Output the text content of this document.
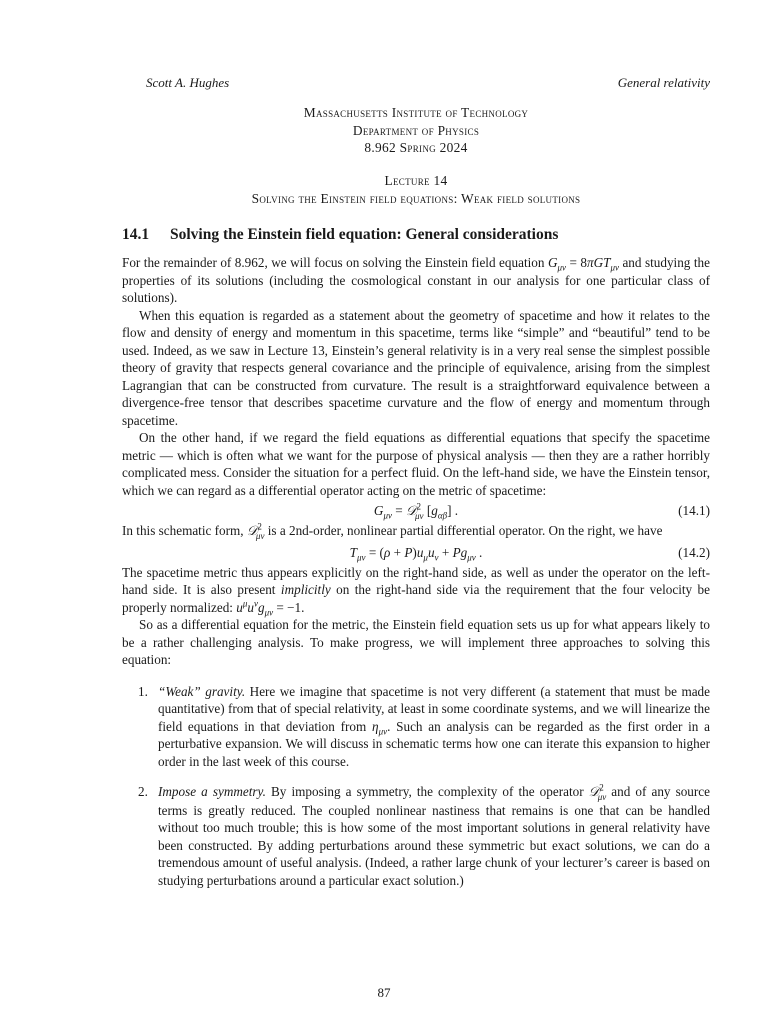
Scott A. Hughes	General relativity
Massachusetts Institute of Technology
Department of Physics
8.962 Spring 2024
Lecture 14
Solving the Einstein field equations: Weak field solutions
14.1 Solving the Einstein field equation: General considerations

For the remainder of 8.962, we will focus on solving the Einstein field equation $G_{\mu\nu} = 8\pi GT_{\mu\nu}$ and studying the properties of its solutions (including the cosmological constant in our analysis for one particular class of solutions).

When this equation is regarded as a statement about the geometry of spacetime and how it relates to the flow and density of energy and momentum in this spacetime, terms like “simple” and “beautiful” tend to be used. Indeed, as we saw in Lecture 13, Einstein’s general relativity is in a very real sense the simplest possible theory of gravity that respects general covariance and the principle of equivalence, arising from the simplest Lagrangian that can be constructed from curvature. The result is a straightforward equivalence between a divergence-free tensor that describes spacetime curvature and the flow of energy and momentum through spacetime.

On the other hand, if we regard the field equations as differential equations that specify the spacetime metric — which is often what we want for the purpose of physical analysis — then they are a rather horribly complicated mess. Consider the situation for a perfect fluid. On the left-hand side, we have the Einstein tensor, which we can regard as a differential operator acting on the metric of spacetime:

$G_{\mu\nu}$ = 𝒟$^2_{\mu\nu}$ $[g_{\alpha\beta}]$ .	(14.1)

In this schematic form, 𝒟$^2_{\mu\nu}$ is a 2nd-order, nonlinear partial differential operator. On the right, we have

$T_{\mu\nu} = (\rho + P)u_\mu u_\nu + Pg_{\mu\nu}$ .	(14.2)

The spacetime metric thus appears explicitly on the right-hand side, as well as under the operator on the left-hand side. It is also present implicitly on the right-hand side via the requirement that the four velocity be properly normalized: $u^\mu u^\nu g_{\mu\nu} = -1$.

So as a differential equation for the metric, the Einstein field equation sets us up for what appears likely to be a rather challenging analysis. To make progress, we will implement three approaches to solving this equation:

1. “Weak” gravity. Here we imagine that spacetime is not very different (a statement that must be made quantitative) from that of special relativity, at least in some coordinate systems, and we will linearize the field equations in that deviation from $\eta_{\mu\nu}$. Such an analysis can be regarded as the first order in a perturbative expansion. We will discuss in schematic terms how one can iterate this expansion to higher order in the last week of this course.
2. Impose a symmetry. By imposing a symmetry, the complexity of the operator 𝒟$^2_{\mu\nu}$ and of any source terms is greatly reduced. The coupled nonlinear nastiness that remains is one that can be handled without too much trouble; this is how some of the most important solutions in general relativity have been constructed. By adding perturbations around these symmetric but exact solutions, we can do a tremendous amount of useful analysis. (Indeed, a rather large chunk of your lecturer’s career is based on studying perturbations around a particular exact solution.)
87
